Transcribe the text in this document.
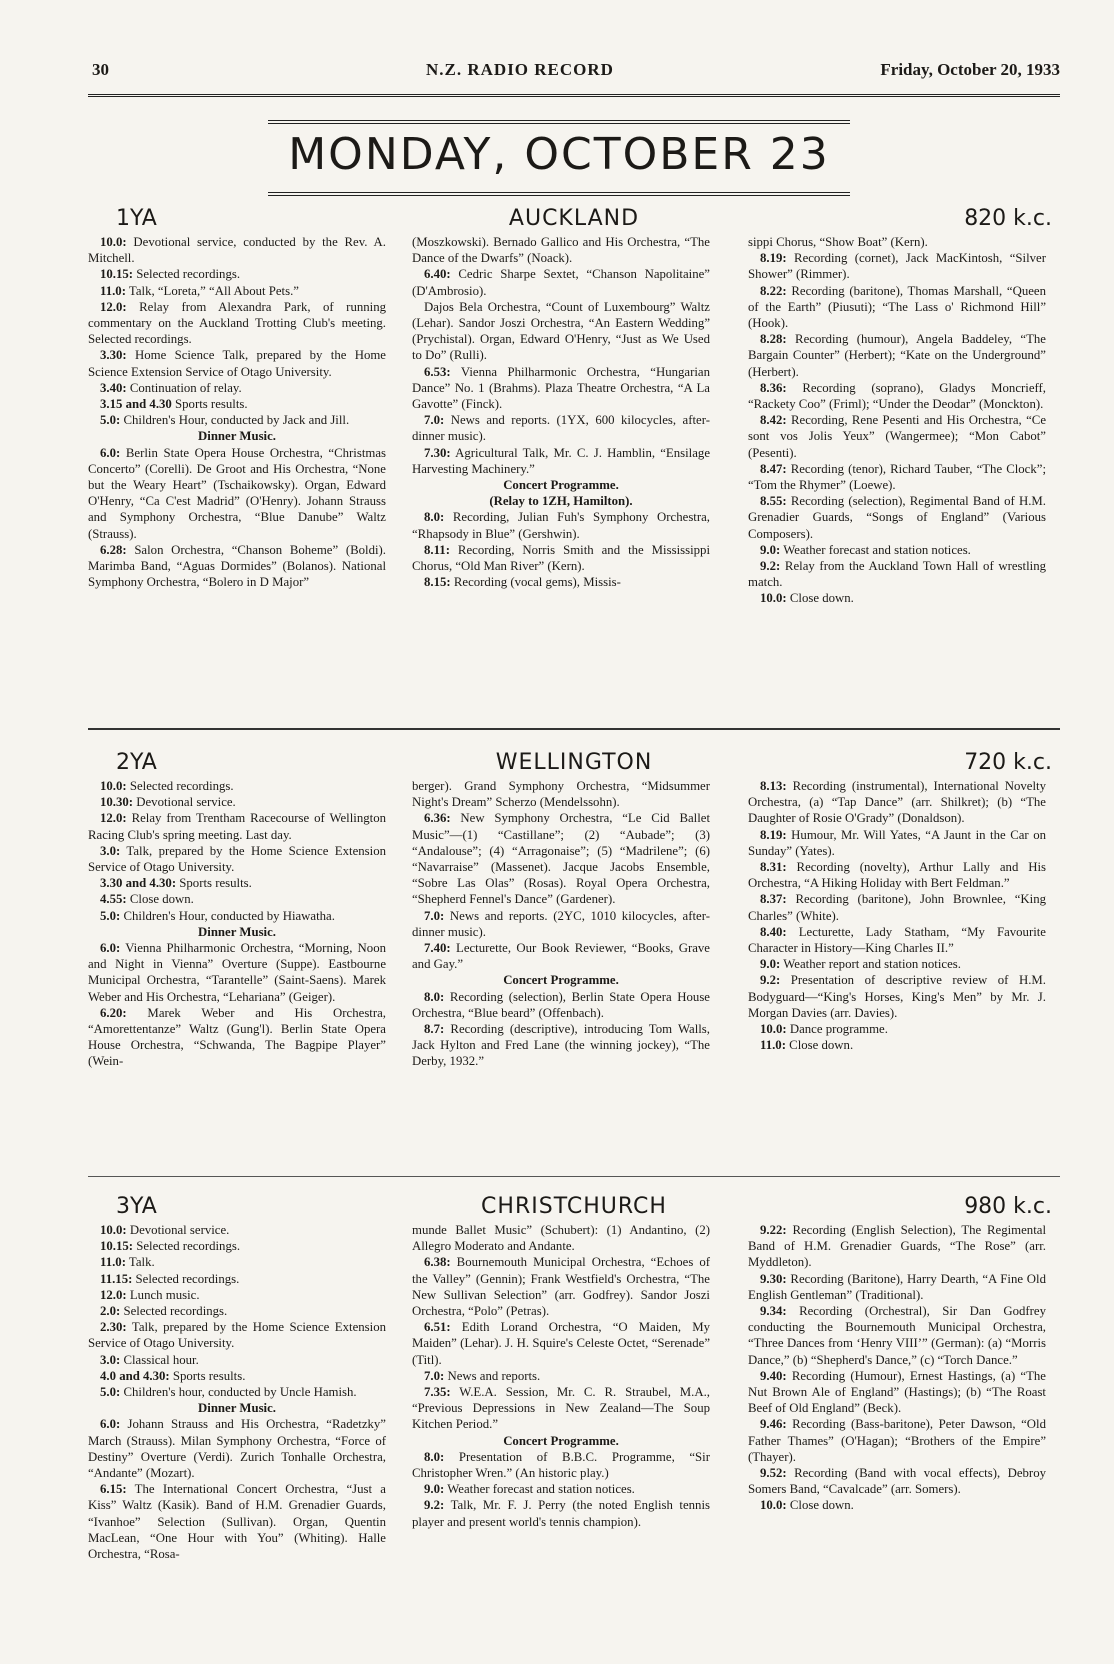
30	N.Z. RADIO RECORD	Friday, October 20, 1933
MONDAY, OCTOBER 23
1YA	AUCKLAND	820 k.c.

10.0: Devotional service, conducted by the Rev. A. Mitchell.

10.15: Selected recordings.

11.0: Talk, “Loreta,” “All About Pets.”

12.0: Relay from Alexandra Park, of running commentary on the Auckland Trotting Club's meeting. Selected recordings.

3.30: Home Science Talk, prepared by the Home Science Extension Service of Otago University.

3.40: Continuation of relay.

3.15 and 4.30 Sports results.

5.0: Children's Hour, conducted by Jack and Jill.

Dinner Music.

6.0: Berlin State Opera House Orchestra, “Christmas Concerto” (Corelli). De Groot and His Orchestra, “None but the Weary Heart” (Tschaikowsky). Organ, Edward O'Henry, “Ca C'est Madrid” (O'Henry). Johann Strauss and Symphony Orchestra, “Blue Danube” Waltz (Strauss).

6.28: Salon Orchestra, “Chanson Boheme” (Boldi). Marimba Band, “Aguas Dormides” (Bolanos). National Symphony Orchestra, “Bolero in D Major”

(Moszkowski). Bernado Gallico and His Orchestra, “The Dance of the Dwarfs” (Noack).

6.40: Cedric Sharpe Sextet, “Chanson Napolitaine” (D'Ambrosio).

Dajos Bela Orchestra, “Count of Luxembourg” Waltz (Lehar). Sandor Joszi Orchestra, “An Eastern Wedding” (Prychistal). Organ, Edward O'Henry, “Just as We Used to Do” (Rulli).

6.53: Vienna Philharmonic Orchestra, “Hungarian Dance” No. 1 (Brahms). Plaza Theatre Orchestra, “A La Gavotte” (Finck).

7.0: News and reports. (1YX, 600 kilocycles, after-dinner music).

7.30: Agricultural Talk, Mr. C. J. Hamblin, “Ensilage Harvesting Machinery.”

Concert Programme.

(Relay to 1ZH, Hamilton).

8.0: Recording, Julian Fuh's Symphony Orchestra, “Rhapsody in Blue” (Gershwin).

8.11: Recording, Norris Smith and the Mississippi Chorus, “Old Man River” (Kern).

8.15: Recording (vocal gems), Missis-

sippi Chorus, “Show Boat” (Kern).

8.19: Recording (cornet), Jack MacKintosh, “Silver Shower” (Rimmer).

8.22: Recording (baritone), Thomas Marshall, “Queen of the Earth” (Piusuti); “The Lass o' Richmond Hill” (Hook).

8.28: Recording (humour), Angela Baddeley, “The Bargain Counter” (Herbert); “Kate on the Underground” (Herbert).

8.36: Recording (soprano), Gladys Moncrieff, “Rackety Coo” (Friml); “Under the Deodar” (Monckton).

8.42: Recording, Rene Pesenti and His Orchestra, “Ce sont vos Jolis Yeux” (Wangermee); “Mon Cabot” (Pesenti).

8.47: Recording (tenor), Richard Tauber, “The Clock”; “Tom the Rhymer” (Loewe).

8.55: Recording (selection), Regimental Band of H.M. Grenadier Guards, “Songs of England” (Various Composers).

9.0: Weather forecast and station notices.

9.2: Relay from the Auckland Town Hall of wrestling match.

10.0: Close down.

2YA	WELLINGTON	720 k.c.

10.0: Selected recordings.

10.30: Devotional service.

12.0: Relay from Trentham Racecourse of Wellington Racing Club's spring meeting. Last day.

3.0: Talk, prepared by the Home Science Extension Service of Otago University.

3.30 and 4.30: Sports results.

4.55: Close down.

5.0: Children's Hour, conducted by Hiawatha.

Dinner Music.

6.0: Vienna Philharmonic Orchestra, “Morning, Noon and Night in Vienna” Overture (Suppe). Eastbourne Municipal Orchestra, “Tarantelle” (Saint-Saens). Marek Weber and His Orchestra, “Lehariana” (Geiger).

6.20: Marek Weber and His Orchestra, “Amorettentanze” Waltz (Gung'l). Berlin State Opera House Orchestra, “Schwanda, The Bagpipe Player” (Wein-

berger). Grand Symphony Orchestra, “Midsummer Night's Dream” Scherzo (Mendelssohn).

6.36: New Symphony Orchestra, “Le Cid Ballet Music”—(1) “Castillane”; (2) “Aubade”; (3) “Andalouse”; (4) “Arragonaise”; (5) “Madrilene”; (6) “Navarraise” (Massenet). Jacque Jacobs Ensemble, “Sobre Las Olas” (Rosas). Royal Opera Orchestra, “Shepherd Fennel's Dance” (Gardener).

7.0: News and reports. (2YC, 1010 kilocycles, after-dinner music).

7.40: Lecturette, Our Book Reviewer, “Books, Grave and Gay.”

Concert Programme.

8.0: Recording (selection), Berlin State Opera House Orchestra, “Blue beard” (Offenbach).

8.7: Recording (descriptive), introducing Tom Walls, Jack Hylton and Fred Lane (the winning jockey), “The Derby, 1932.”

8.13: Recording (instrumental), International Novelty Orchestra, (a) “Tap Dance” (arr. Shilkret); (b) “The Daughter of Rosie O'Grady” (Donaldson).

8.19: Humour, Mr. Will Yates, “A Jaunt in the Car on Sunday” (Yates).

8.31: Recording (novelty), Arthur Lally and His Orchestra, “A Hiking Holiday with Bert Feldman.”

8.37: Recording (baritone), John Brownlee, “King Charles” (White).

8.40: Lecturette, Lady Statham, “My Favourite Character in History—King Charles II.”

9.0: Weather report and station notices.

9.2: Presentation of descriptive review of H.M. Bodyguard—“King's Horses, King's Men” by Mr. J. Morgan Davies (arr. Davies).

10.0: Dance programme.

11.0: Close down.

3YA	CHRISTCHURCH	980 k.c.

10.0: Devotional service.

10.15: Selected recordings.

11.0: Talk.

11.15: Selected recordings.

12.0: Lunch music.

2.0: Selected recordings.

2.30: Talk, prepared by the Home Science Extension Service of Otago University.

3.0: Classical hour.

4.0 and 4.30: Sports results.

5.0: Children's hour, conducted by Uncle Hamish.

Dinner Music.

6.0: Johann Strauss and His Orchestra, “Radetzky” March (Strauss). Milan Symphony Orchestra, “Force of Destiny” Overture (Verdi). Zurich Tonhalle Orchestra, “Andante” (Mozart).

6.15: The International Concert Orchestra, “Just a Kiss” Waltz (Kasik). Band of H.M. Grenadier Guards, “Ivanhoe” Selection (Sullivan). Organ, Quentin MacLean, “One Hour with You” (Whiting). Halle Orchestra, “Rosa-

munde Ballet Music” (Schubert): (1) Andantino, (2) Allegro Moderato and Andante.

6.38: Bournemouth Municipal Orchestra, “Echoes of the Valley” (Gennin); Frank Westfield's Orchestra, “The New Sullivan Selection” (arr. Godfrey). Sandor Joszi Orchestra, “Polo” (Petras).

6.51: Edith Lorand Orchestra, “O Maiden, My Maiden” (Lehar). J. H. Squire's Celeste Octet, “Serenade” (Titl).

7.0: News and reports.

7.35: W.E.A. Session, Mr. C. R. Straubel, M.A., “Previous Depressions in New Zealand—The Soup Kitchen Period.”

Concert Programme.

8.0: Presentation of B.B.C. Programme, “Sir Christopher Wren.” (An historic play.)

9.0: Weather forecast and station notices.

9.2: Talk, Mr. F. J. Perry (the noted English tennis player and present world's tennis champion).

9.22: Recording (English Selection), The Regimental Band of H.M. Grenadier Guards, “The Rose” (arr. Myddleton).

9.30: Recording (Baritone), Harry Dearth, “A Fine Old English Gentleman” (Traditional).

9.34: Recording (Orchestral), Sir Dan Godfrey conducting the Bournemouth Municipal Orchestra, “Three Dances from ‘Henry VIII’” (German): (a) “Morris Dance,” (b) “Shepherd's Dance,” (c) “Torch Dance.”

9.40: Recording (Humour), Ernest Hastings, (a) “The Nut Brown Ale of England” (Hastings); (b) “The Roast Beef of Old England” (Beck).

9.46: Recording (Bass-baritone), Peter Dawson, “Old Father Thames” (O'Hagan); “Brothers of the Empire” (Thayer).

9.52: Recording (Band with vocal effects), Debroy Somers Band, “Cavalcade” (arr. Somers).

10.0: Close down.
